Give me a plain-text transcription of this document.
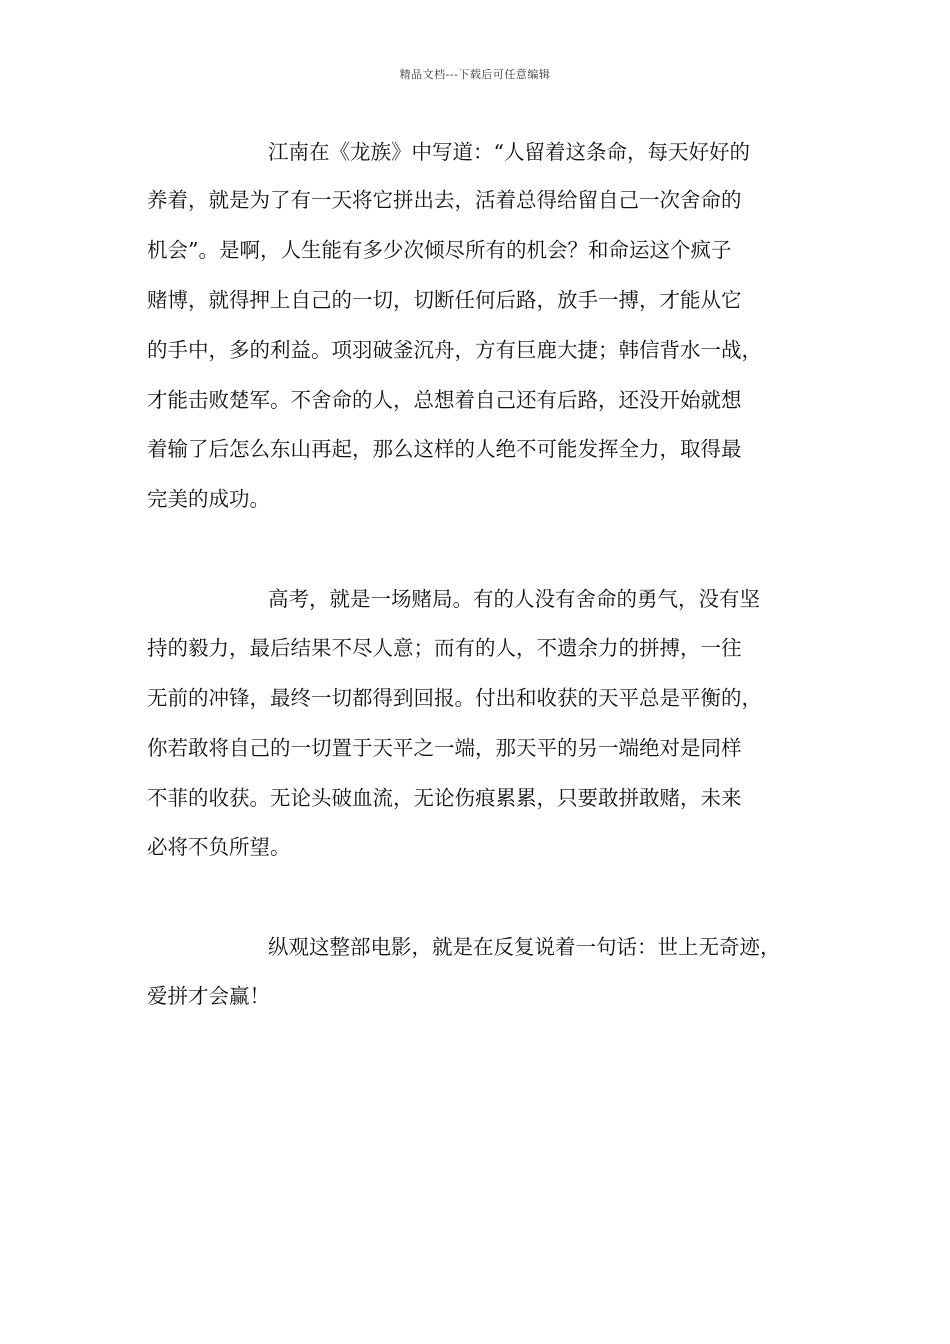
精品文档---下载后可任意编辑
江南在《龙族》中写道：“人留着这条命，每天好好的
养着，就是为了有一天将它拼出去，活着总得给留自己一次舍命的
机会”。是啊，人生能有多少次倾尽所有的机会？和命运这个疯子
赌博，就得押上自己的一切，切断任何后路，放手一搏，才能从它
的手中，多的利益。项羽破釜沉舟，方有巨鹿大捷；韩信背水一战，
才能击败楚军。不舍命的人，总想着自己还有后路，还没开始就想
着输了后怎么东山再起，那么这样的人绝不可能发挥全力，取得最
完美的成功。
高考，就是一场赌局。有的人没有舍命的勇气，没有坚
持的毅力，最后结果不尽人意；而有的人，不遗余力的拼搏，一往
无前的冲锋，最终一切都得到回报。付出和收获的天平总是平衡的，
你若敢将自己的一切置于天平之一端，那天平的另一端绝对是同样
不菲的收获。无论头破血流，无论伤痕累累，只要敢拼敢赌，未来
必将不负所望。
纵观这整部电影，就是在反复说着一句话：世上无奇迹，
爱拼才会赢！
